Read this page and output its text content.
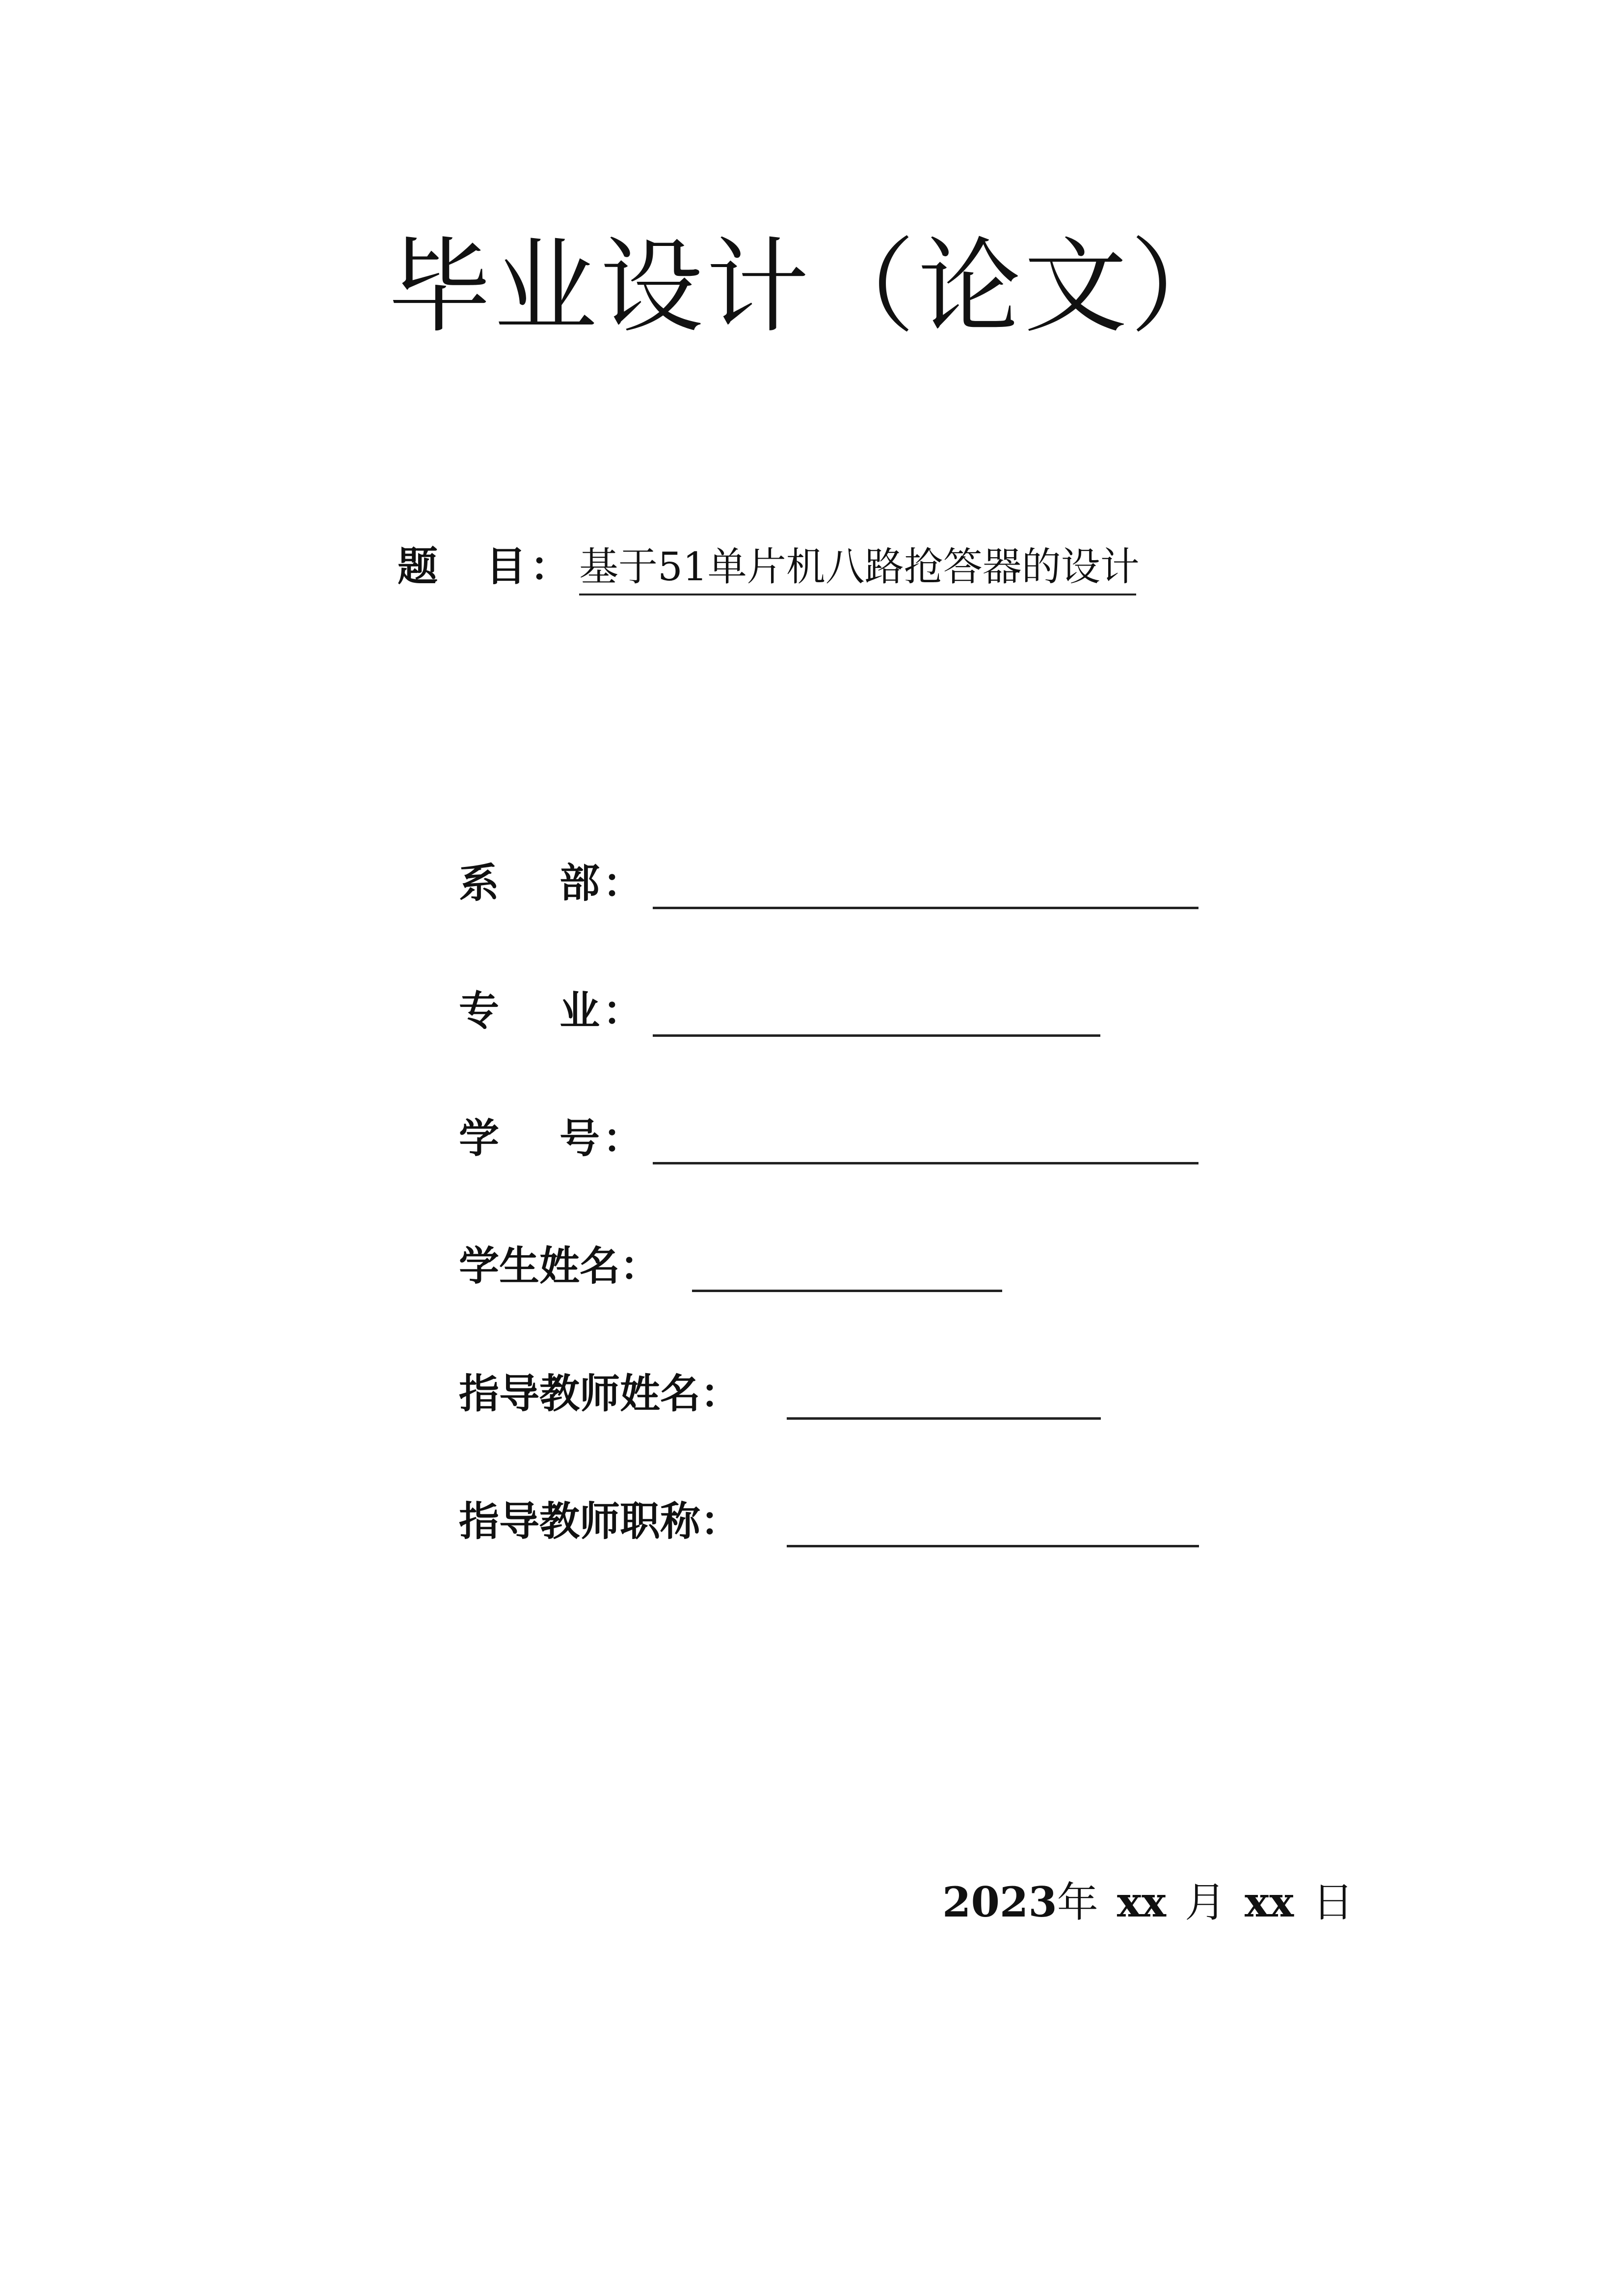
毕业设计（论文）
题 目 ： 基于51单片机八路抢答器的设计
系 部 ：
专 业 ：
学 号 ：
学生姓名：
指导教师姓名：
指导教师职称：
2023年 xx 月 xx 日
